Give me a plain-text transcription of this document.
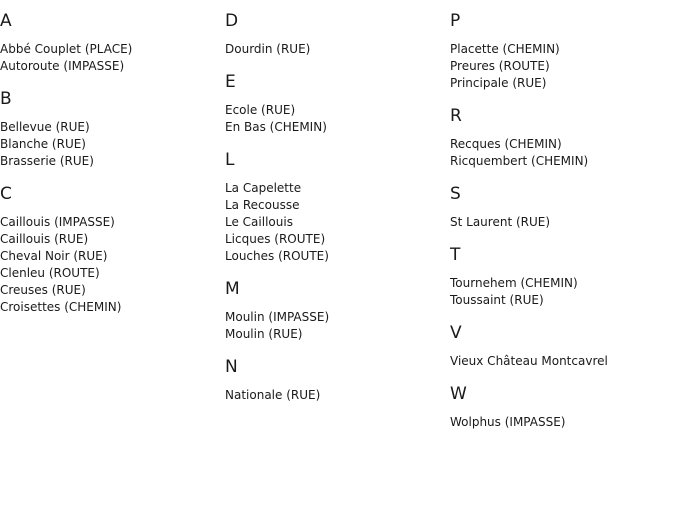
A
Abbé Couplet (PLACE)
Autoroute (IMPASSE)
B
Bellevue (RUE)
Blanche (RUE)
Brasserie (RUE)
C
Caillouis (IMPASSE)
Caillouis (RUE)
Cheval Noir (RUE)
Clenleu (ROUTE)
Creuses (RUE)
Croisettes (CHEMIN)
D
Dourdin (RUE)
E
Ecole (RUE)
En Bas (CHEMIN)
L
La Capelette
La Recousse
Le Caillouis
Licques (ROUTE)
Louches (ROUTE)
M
Moulin (IMPASSE)
Moulin (RUE)
N
Nationale (RUE)
P
Placette (CHEMIN)
Preures (ROUTE)
Principale (RUE)
R
Recques (CHEMIN)
Ricquembert (CHEMIN)
S
St Laurent (RUE)
T
Tournehem (CHEMIN)
Toussaint (RUE)
V
Vieux Château Montcavrel
W
Wolphus (IMPASSE)
